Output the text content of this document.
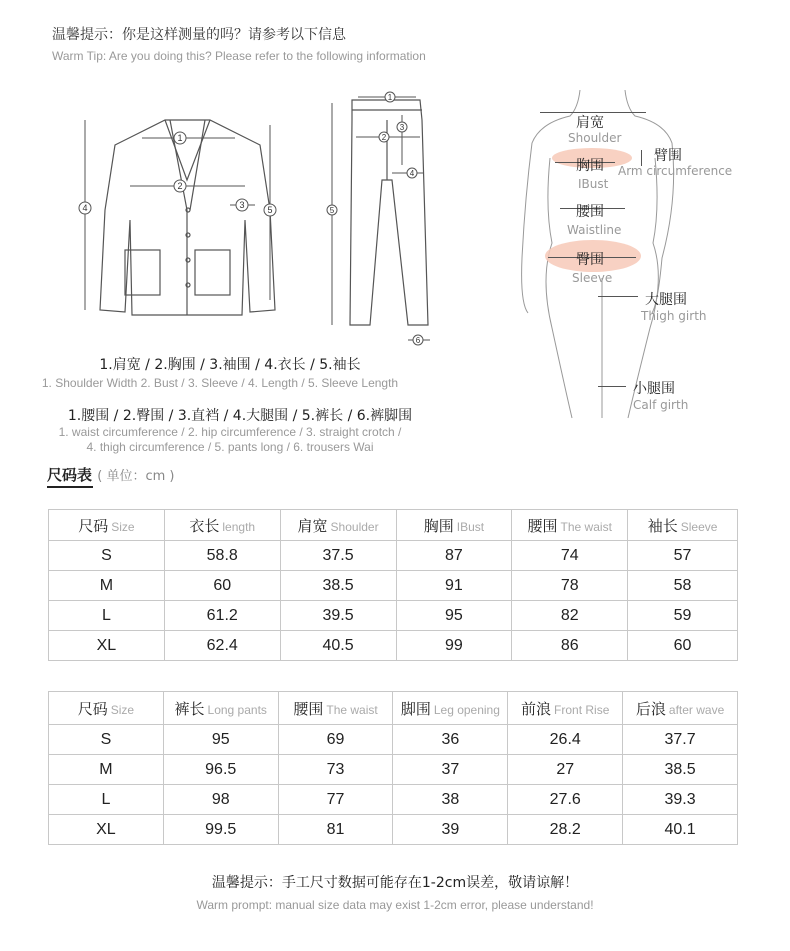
温馨提示：你是这样测量的吗？请参考以下信息
Warm Tip: Are you doing this? Please refer to the following information
1
2
3
4	5
1
2
3
4
5
6
肩宽
Shoulder
胸围
IBust
臂围
Arm circumference
腰围
Waistline
臀围
Sleeve
大腿围
Thigh girth
小腿围
Calf girth
1.肩宽 / 2.胸围 / 3.袖围 / 4.衣长 / 5.袖长
1. Shoulder Width 2. Bust / 3. Sleeve / 4. Length / 5. Sleeve Length
1.腰围 / 2.臀围 / 3.直裆 / 4.大腿围 / 5.裤长 / 6.裤脚围
1. waist circumference / 2. hip circumference / 3. straight crotch /
4. thigh circumference / 5. pants long / 6. trousers Wai
尺码表 ( 单位：cm )
尺码 Size	衣长 length	肩宽 Shoulder	胸围 IBust	腰围 The waist	袖长 Sleeve
S	58.8	37.5	87	74	57
M	60	38.5	91	78	58
L	61.2	39.5	95	82	59
XL	62.4	40.5	99	86	60
尺码 Size	裤长 Long pants	腰围 The waist	脚围 Leg opening	前浪 Front Rise	后浪 after wave
S	95	69	36	26.4	37.7
M	96.5	73	37	27	38.5
L	98	77	38	27.6	39.3
XL	99.5	81	39	28.2	40.1
温馨提示：手工尺寸数据可能存在1-2cm误差，敬请谅解！
Warm prompt: manual size data may exist 1-2cm error, please understand!
